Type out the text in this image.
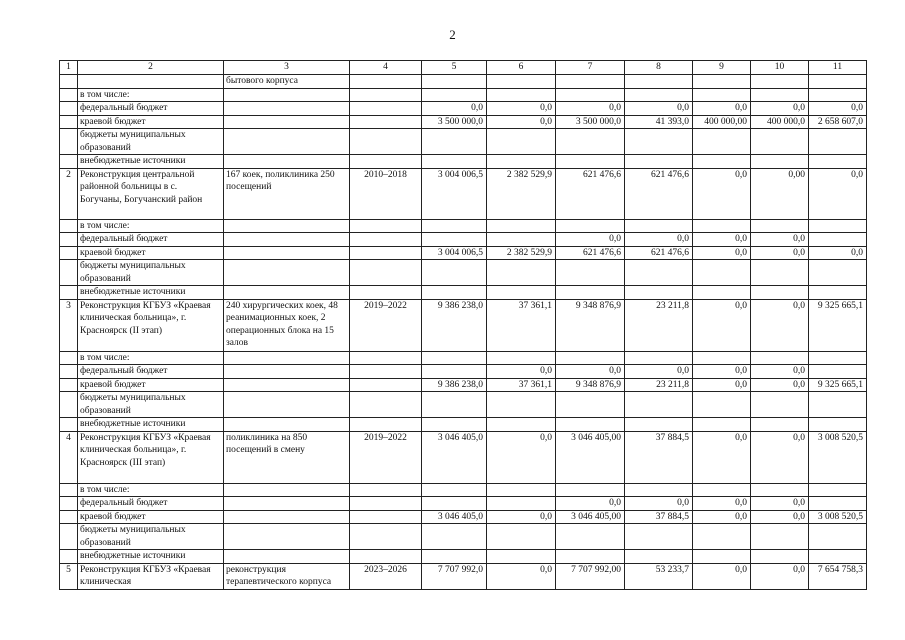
2
1	2	3	4	5	6	7	8	9	10	11
		бытового корпуса								
	в том числе:									
	федеральный бюджет			0,0	0,0	0,0	0,0	0,0	0,0	0,0
	краевой бюджет			3 500 000,0	0,0	3 500 000,0	41 393,0	400 000,00	400 000,0	2 658 607,0
	бюджеты муниципальных образований									
	внебюджетные источники									
2	Реконструкция центральной районной больницы в с. Богучаны, Богучанский район	167 коек, поликлиника 250 посещений	2010–2018	3 004 006,5	2 382 529,9	621 476,6	621 476,6	0,0	0,00	0,0
	в том числе:									
	федеральный бюджет					0,0	0,0	0,0	0,0	
	краевой бюджет			3 004 006,5	2 382 529,9	621 476,6	621 476,6	0,0	0,0	0,0
	бюджеты муниципальных образований									
	внебюджетные источники									
3	Реконструкция КГБУЗ «Краевая клиническая больница», г. Красноярск (II этап)	240 хирургических коек, 48 реанимационных коек, 2 операционных блока на 15 залов	2019–2022	9 386 238,0	37 361,1	9 348 876,9	23 211,8	0,0	0,0	9 325 665,1
	в том числе:									
	федеральный бюджет				0,0	0,0	0,0	0,0	0,0	
	краевой бюджет			9 386 238,0	37 361,1	9 348 876,9	23 211,8	0,0	0,0	9 325 665,1
	бюджеты муниципальных образований									
	внебюджетные источники									
4	Реконструкция КГБУЗ «Краевая клиническая больница», г. Красноярск (III этап)	поликлиника на 850 посещений в смену	2019–2022	3 046 405,0	0,0	3 046 405,00	37 884,5	0,0	0,0	3 008 520,5
	в том числе:									
	федеральный бюджет					0,0	0,0	0,0	0,0	
	краевой бюджет			3 046 405,0	0,0	3 046 405,00	37 884,5	0,0	0,0	3 008 520,5
	бюджеты муниципальных образований									
	внебюджетные источники									
5	Реконструкция КГБУЗ «Краевая клиническая	реконструкция терапевтического корпуса	2023–2026	7 707 992,0	0,0	7 707 992,00	53 233,7	0,0	0,0	7 654 758,3
